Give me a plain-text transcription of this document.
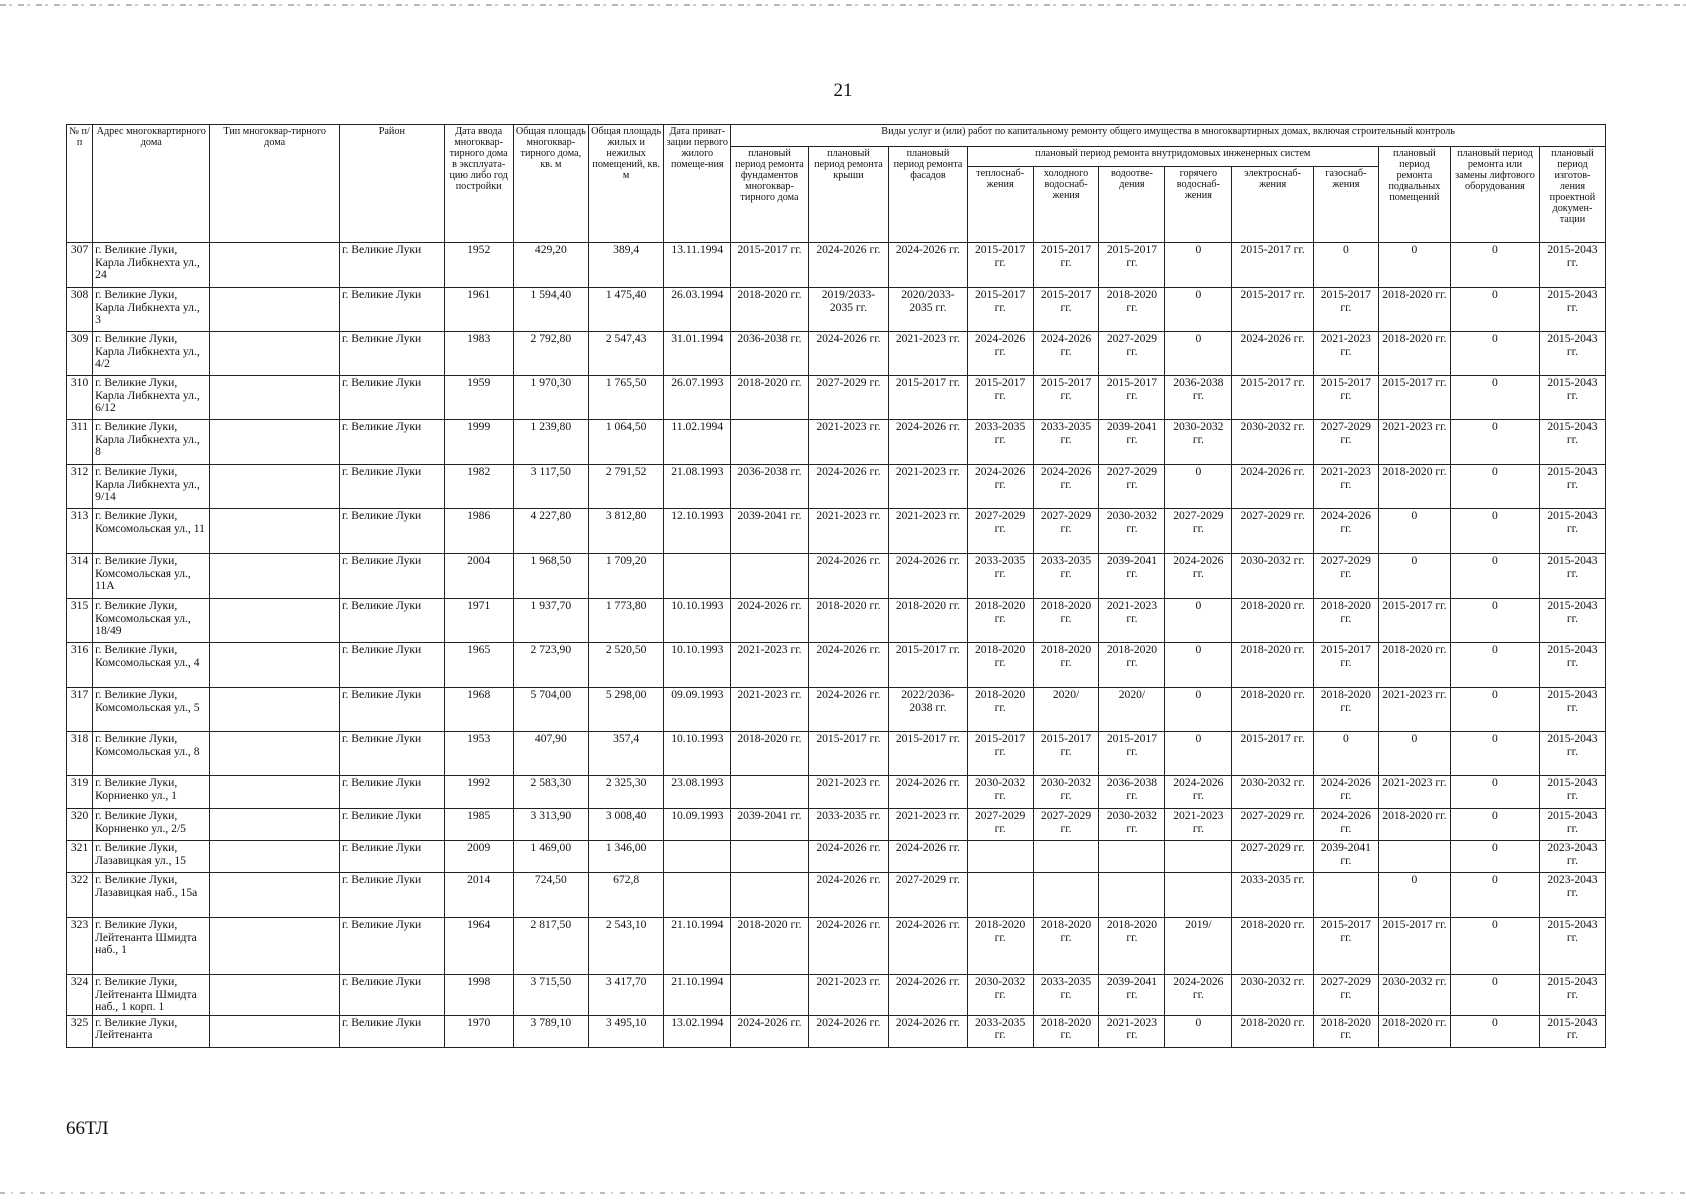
21
№ п/п	Адрес многоквартирного дома	Тип многоквар-тирного дома	Район	Дата ввода многоквар-тирного дома в эксплуата-цию либо год постройки	Общая площадь многоквар-тирного дома, кв. м	Общая площадь жилых и нежилых помещений, кв. м	Дата приват-зации первого жилого помеще-ния	Виды услуг и (или) работ по капитальному ремонту общего имущества в многоквартирных домах, включая строительный контроль											
								плановый период ремонта фундаментов многоквар-тирного дома	плановый период ремонта крыши	плановый период ремонта фасадов	плановый период ремонта внутридомовых инженерных систем						плановый период ремонта подвальных помещений	плановый период ремонта или замены лифтового оборудования	плановый период изготов-ления проектной докумен-тации
											теплоснаб-жения	холодного водоснаб-жения	водоотве-дения	горячего водоснаб-жения	электроснаб-жения	газоснаб-жения			
307	г. Великие Луки, Карла Либкнехта ул., 24		г. Великие Луки	1952	429,20	389,4	13.11.1994	2015-2017 гг.	2024-2026 гг.	2024-2026 гг.	2015-2017 гг.	2015-2017 гг.	2015-2017 гг.	0	2015-2017 гг.	0	0	0	2015-2043 гг.
308	г. Великие Луки, Карла Либкнехта ул., 3		г. Великие Луки	1961	1 594,40	1 475,40	26.03.1994	2018-2020 гг.	2019/2033-2035 гг.	2020/2033-2035 гг.	2015-2017 гг.	2015-2017 гг.	2018-2020 гг.	0	2015-2017 гг.	2015-2017 гг.	2018-2020 гг.	0	2015-2043 гг.
309	г. Великие Луки, Карла Либкнехта ул., 4/2		г. Великие Луки	1983	2 792,80	2 547,43	31.01.1994	2036-2038 гг.	2024-2026 гг.	2021-2023 гг.	2024-2026 гг.	2024-2026 гг.	2027-2029 гг.	0	2024-2026 гг.	2021-2023 гг.	2018-2020 гг.	0	2015-2043 гг.
310	г. Великие Луки, Карла Либкнехта ул., 6/12		г. Великие Луки	1959	1 970,30	1 765,50	26.07.1993	2018-2020 гг.	2027-2029 гг.	2015-2017 гг.	2015-2017 гг.	2015-2017 гг.	2015-2017 гг.	2036-2038 гг.	2015-2017 гг.	2015-2017 гг.	2015-2017 гг.	0	2015-2043 гг.
311	г. Великие Луки, Карла Либкнехта ул., 8		г. Великие Луки	1999	1 239,80	1 064,50	11.02.1994		2021-2023 гг.	2024-2026 гг.	2033-2035 гг.	2033-2035 гг.	2039-2041 гг.	2030-2032 гг.	2030-2032 гг.	2027-2029 гг.	2021-2023 гг.	0	2015-2043 гг.
312	г. Великие Луки, Карла Либкнехта ул., 9/14		г. Великие Луки	1982	3 117,50	2 791,52	21.08.1993	2036-2038 гг.	2024-2026 гг.	2021-2023 гг.	2024-2026 гг.	2024-2026 гг.	2027-2029 гг.	0	2024-2026 гг.	2021-2023 гг.	2018-2020 гг.	0	2015-2043 гг.
313	г. Великие Луки, Комсомольская ул., 11		г. Великие Луки	1986	4 227,80	3 812,80	12.10.1993	2039-2041 гг.	2021-2023 гг.	2021-2023 гг.	2027-2029 гг.	2027-2029 гг.	2030-2032 гг.	2027-2029 гг.	2027-2029 гг.	2024-2026 гг.	0	0	2015-2043 гг.
314	г. Великие Луки, Комсомольская ул., 11А		г. Великие Луки	2004	1 968,50	1 709,20			2024-2026 гг.	2024-2026 гг.	2033-2035 гг.	2033-2035 гг.	2039-2041 гг.	2024-2026 гг.	2030-2032 гг.	2027-2029 гг.	0	0	2015-2043 гг.
315	г. Великие Луки, Комсомольская ул., 18/49		г. Великие Луки	1971	1 937,70	1 773,80	10.10.1993	2024-2026 гг.	2018-2020 гг.	2018-2020 гг.	2018-2020 гг.	2018-2020 гг.	2021-2023 гг.	0	2018-2020 гг.	2018-2020 гг.	2015-2017 гг.	0	2015-2043 гг.
316	г. Великие Луки, Комсомольская ул., 4		г. Великие Луки	1965	2 723,90	2 520,50	10.10.1993	2021-2023 гг.	2024-2026 гг.	2015-2017 гг.	2018-2020 гг.	2018-2020 гг.	2018-2020 гг.	0	2018-2020 гг.	2015-2017 гг.	2018-2020 гг.	0	2015-2043 гг.
317	г. Великие Луки, Комсомольская ул., 5		г. Великие Луки	1968	5 704,00	5 298,00	09.09.1993	2021-2023 гг.	2024-2026 гг.	2022/2036-2038 гг.	2018-2020 гг.	2020/	2020/	0	2018-2020 гг.	2018-2020 гг.	2021-2023 гг.	0	2015-2043 гг.
318	г. Великие Луки, Комсомольская ул., 8		г. Великие Луки	1953	407,90	357,4	10.10.1993	2018-2020 гг.	2015-2017 гг.	2015-2017 гг.	2015-2017 гг.	2015-2017 гг.	2015-2017 гг.	0	2015-2017 гг.	0	0	0	2015-2043 гг.
319	г. Великие Луки, Корниенко ул., 1		г. Великие Луки	1992	2 583,30	2 325,30	23.08.1993		2021-2023 гг.	2024-2026 гг.	2030-2032 гг.	2030-2032 гг.	2036-2038 гг.	2024-2026 гг.	2030-2032 гг.	2024-2026 гг.	2021-2023 гг.	0	2015-2043 гг.
320	г. Великие Луки, Корниенко ул., 2/5		г. Великие Луки	1985	3 313,90	3 008,40	10.09.1993	2039-2041 гг.	2033-2035 гг.	2021-2023 гг.	2027-2029 гг.	2027-2029 гг.	2030-2032 гг.	2021-2023 гг.	2027-2029 гг.	2024-2026 гг.	2018-2020 гг.	0	2015-2043 гг.
321	г. Великие Луки, Лазавицкая ул., 15		г. Великие Луки	2009	1 469,00	1 346,00			2024-2026 гг.	2024-2026 гг.					2027-2029 гг.	2039-2041 гг.		0	2023-2043 гг.
322	г. Великие Луки, Лазавицкая наб., 15а		г. Великие Луки	2014	724,50	672,8			2024-2026 гг.	2027-2029 гг.					2033-2035 гг.		0	0	2023-2043 гг.
323	г. Великие Луки, Лейтенанта Шмидта наб., 1		г. Великие Луки	1964	2 817,50	2 543,10	21.10.1994	2018-2020 гг.	2024-2026 гг.	2024-2026 гг.	2018-2020 гг.	2018-2020 гг.	2018-2020 гг.	2019/	2018-2020 гг.	2015-2017 гг.	2015-2017 гг.	0	2015-2043 гг.
324	г. Великие Луки, Лейтенанта Шмидта наб., 1 корп. 1		г. Великие Луки	1998	3 715,50	3 417,70	21.10.1994		2021-2023 гг.	2024-2026 гг.	2030-2032 гг.	2033-2035 гг.	2039-2041 гг.	2024-2026 гг.	2030-2032 гг.	2027-2029 гг.	2030-2032 гг.	0	2015-2043 гг.
325	г. Великие Луки, Лейтенанта		г. Великие Луки	1970	3 789,10	3 495,10	13.02.1994	2024-2026 гг.	2024-2026 гг.	2024-2026 гг.	2033-2035 гг.	2018-2020 гг.	2021-2023 гг.	0	2018-2020 гг.	2018-2020 гг.	2018-2020 гг.	0	2015-2043 гг.
66ТЛ
